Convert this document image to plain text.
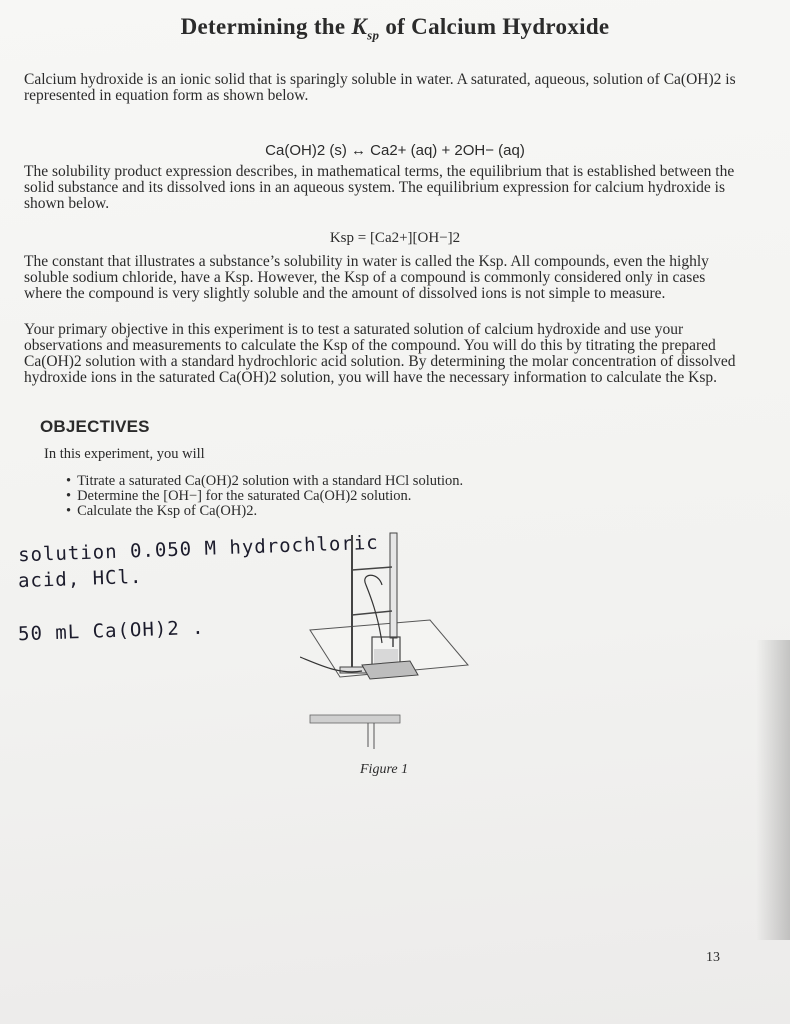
Determining the $K_{sp}$ of Calcium Hydroxide
Calcium hydroxide is an ionic solid that is sparingly soluble in water. A saturated, aqueous, solution of Ca(OH)2 is represented in equation form as shown below.
Ca(OH)2 (s) ↔ Ca2+ (aq) + 2OH− (aq)
The solubility product expression describes, in mathematical terms, the equilibrium that is established between the solid substance and its dissolved ions in an aqueous system. The equilibrium expression for calcium hydroxide is shown below.
Ksp = [Ca2+][OH−]2
The constant that illustrates a substance’s solubility in water is called the Ksp. All compounds, even the highly soluble sodium chloride, have a Ksp. However, the Ksp of a compound is commonly considered only in cases where the compound is very slightly soluble and the amount of dissolved ions is not simple to measure.
Your primary objective in this experiment is to test a saturated solution of calcium hydroxide and use your observations and measurements to calculate the Ksp of the compound. You will do this by titrating the prepared Ca(OH)2 solution with a standard hydrochloric acid solution. By determining the molar concentration of dissolved hydroxide ions in the saturated Ca(OH)2 solution, you will have the necessary information to calculate the Ksp.
OBJECTIVES
In this experiment, you will
• Titrate a saturated Ca(OH)2 solution with a standard HCl solution.
• Determine the [OH−] for the saturated Ca(OH)2 solution.
• Calculate the Ksp of Ca(OH)2.
solution 0.050 M hydrochloric
acid, HCl.
50 mL Ca(OH)2 .
Figure 1
13
